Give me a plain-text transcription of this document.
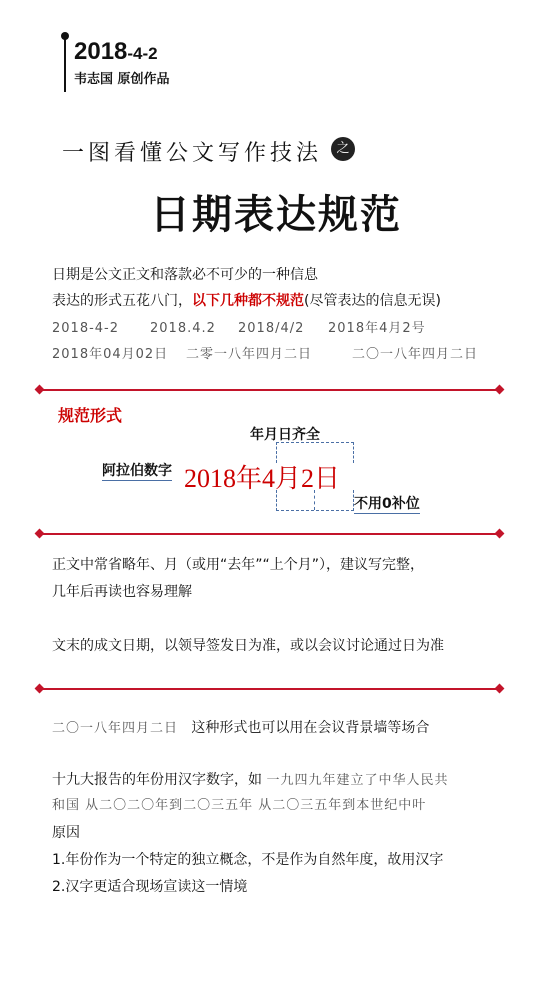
2018-4-2
韦志国 原创作品
一图看懂公文写作技法	之
日期表达规范
日期是公文正文和落款必不可少的一种信息
表达的形式五花八门，以下几种都不规范(尽管表达的信息无误)
2018-4-2 2018.4.2 2018/4/2 2018年4月2号
2018年04月02日 二零一八年四月二日	二〇一八年四月二日
规范形式
年月日齐全
阿拉伯数字 2018年4月2日
不用0补位
正文中常省略年、月（或用“去年”“上个月”），建议写完整，
几年后再读也容易理解
文末的成文日期，以领导签发日为准，或以会议讨论通过日为准
二〇一八年四月二日 这种形式也可以用在会议背景墙等场合
十九大报告的年份用汉字数字，如 一九四九年建立了中华人民共
和国 从二〇二〇年到二〇三五年 从二〇三五年到本世纪中叶
原因
1.年份作为一个特定的独立概念，不是作为自然年度，故用汉字
2.汉字更适合现场宣读这一情境
